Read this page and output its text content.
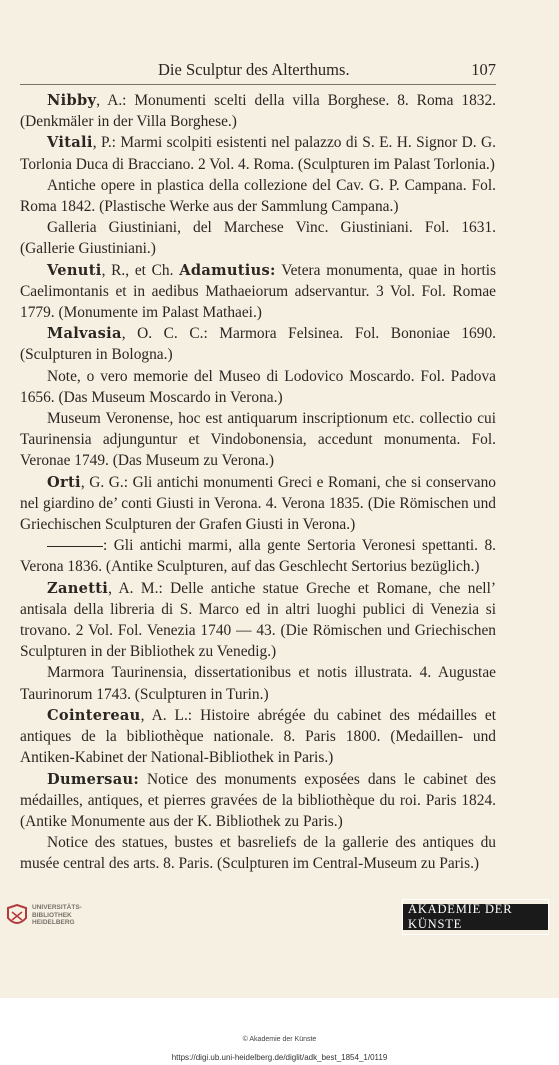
Die Sculptur des Alterthums.	107

Nibby, A.: Monumenti scelti della villa Borghese. 8. Roma 1832. (Denkmäler in der Villa Borghese.)

Vitali, P.: Marmi scolpiti esistenti nel palazzo di S. E. H. Signor D. G. Torlonia Duca di Bracciano. 2 Vol. 4. Roma. (Sculpturen im Palast Torlonia.)

Antiche opere in plastica della collezione del Cav. G. P. Campana. Fol. Roma 1842. (Plastische Werke aus der Sammlung Campana.)

Galleria Giustiniani, del Marchese Vinc. Giustiniani. Fol. 1631. (Gallerie Giustiniani.)

Venuti, R., et Ch. Adamutius: Vetera monumenta, quae in hortis Caelimontanis et in aedibus Mathaeiorum adservantur. 3 Vol. Fol. Romae 1779. (Monumente im Palast Mathaei.)

Malvasia, O. C. C.: Marmora Felsinea. Fol. Bononiae 1690. (Sculpturen in Bologna.)

Note, o vero memorie del Museo di Lodovico Moscardo. Fol. Padova 1656. (Das Museum Moscardo in Verona.)

Museum Veronense, hoc est antiquarum inscriptionum etc. collectio cui Taurinensia adjunguntur et Vindobonensia, accedunt monumenta. Fol. Veronae 1749. (Das Museum zu Verona.)

Orti, G. G.: Gli antichi monumenti Greci e Romani, che si conservano nel giardino de’ conti Giusti in Verona. 4. Verona 1835. (Die Römischen und Griechischen Sculpturen der Grafen Giusti in Verona.)

: Gli antichi marmi, alla gente Sertoria Veronesi spettanti. 8. Verona 1836. (Antike Sculpturen, auf das Geschlecht Sertorius bezüglich.)

Zanetti, A. M.: Delle antiche statue Greche et Romane, che nell’ antisala della libreria di S. Marco ed in altri luoghi publici di Venezia si trovano. 2 Vol. Fol. Venezia 1740 — 43. (Die Römischen und Griechischen Sculpturen in der Bibliothek zu Venedig.)

Marmora Taurinensia, dissertationibus et notis illustrata. 4. Augustae Taurinorum 1743. (Sculpturen in Turin.)

Cointereau, A. L.: Histoire abrégée du cabinet des médailles et antiques de la bibliothèque nationale. 8. Paris 1800. (Medaillen- und Antiken-Kabinet der National-Bibliothek in Paris.)

Dumersau: Notice des monuments exposées dans le cabinet des médailles, antiques, et pierres gravées de la bibliothèque du roi. Paris 1824. (Antike Monumente aus der K. Bibliothek zu Paris.)

Notice des statues, bustes et basreliefs de la gallerie des antiques du musée central des arts. 8. Paris. (Sculpturen im Central-Museum zu Paris.)

UNIVERSITÄTS-
BIBLIOTHEK
HEIDELBERG
AKADEMIE DER KÜNSTE
© Akademie der Künste
https://digi.ub.uni-heidelberg.de/diglit/adk_best_1854_1/0119
